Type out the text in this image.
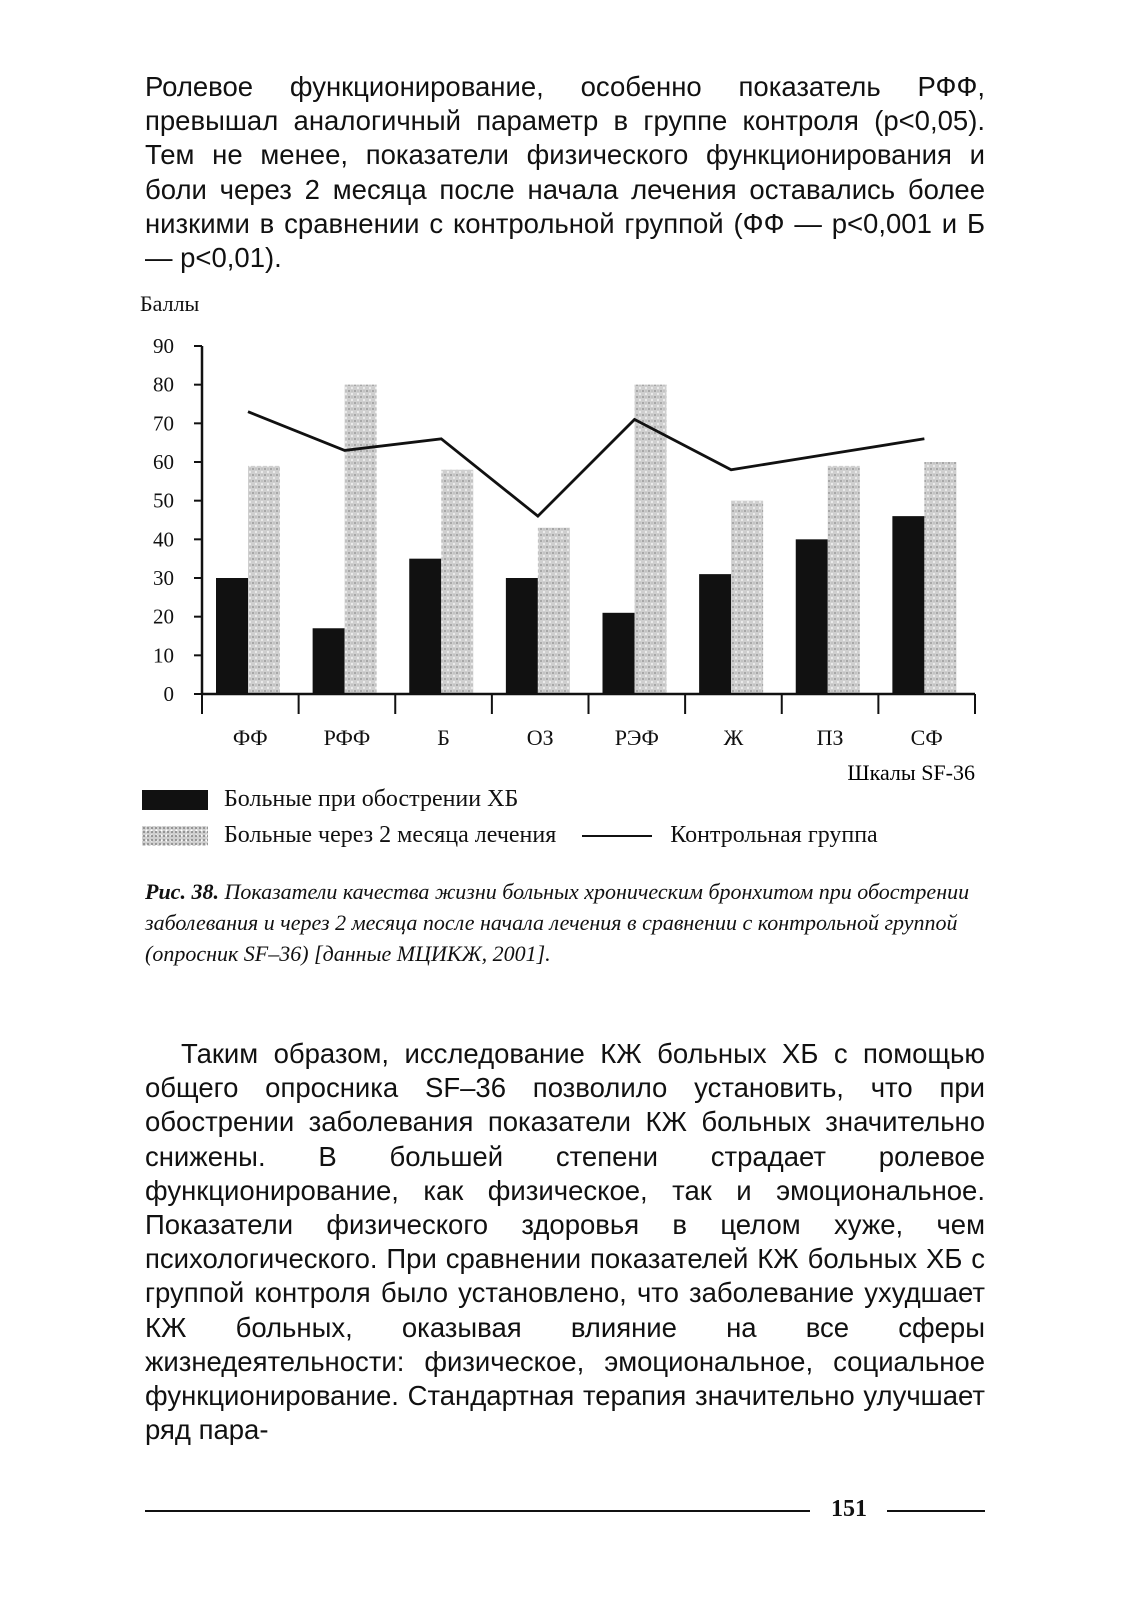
Ролевое функционирование, особенно показатель РФФ, превышал аналогичный параметр в группе контроля (p<0,05). Тем не менее, показатели физического функционирования и боли через 2 месяца после начала лечения оставались более низкими в сравнении с контрольной группой (ФФ — p<0,001 и Б — p<0,01).

Баллы
0
10
20
30
40
50
60
70
80
90
ФФ	РФФ	Б	ОЗ	РЭФ	Ж	ПЗ	СФ
Шкалы SF-36
Больные при обострении ХБ
Больные через 2 месяца лечения	Контрольная группа
Рис. 38. Показатели качества жизни больных хроническим бронхитом при обострении заболевания и через 2 месяца после начала лечения в сравнении с контрольной группой (опросник SF–36) [данные МЦИКЖ, 2001].

Таким образом, исследование КЖ больных ХБ с помощью общего опросника SF–36 позволило установить, что при обострении заболевания показатели КЖ больных значительно снижены. В большей степени страдает ролевое функционирование, как физическое, так и эмоциональное. Показатели физического здоровья в целом хуже, чем психологического. При сравнении показателей КЖ больных ХБ с группой контроля было установлено, что заболевание ухудшает КЖ больных, оказывая влияние на все сферы жизнедеятельности: физическое, эмоциональное, социальное функционирование. Стандартная терапия значительно улучшает ряд пара-

151
